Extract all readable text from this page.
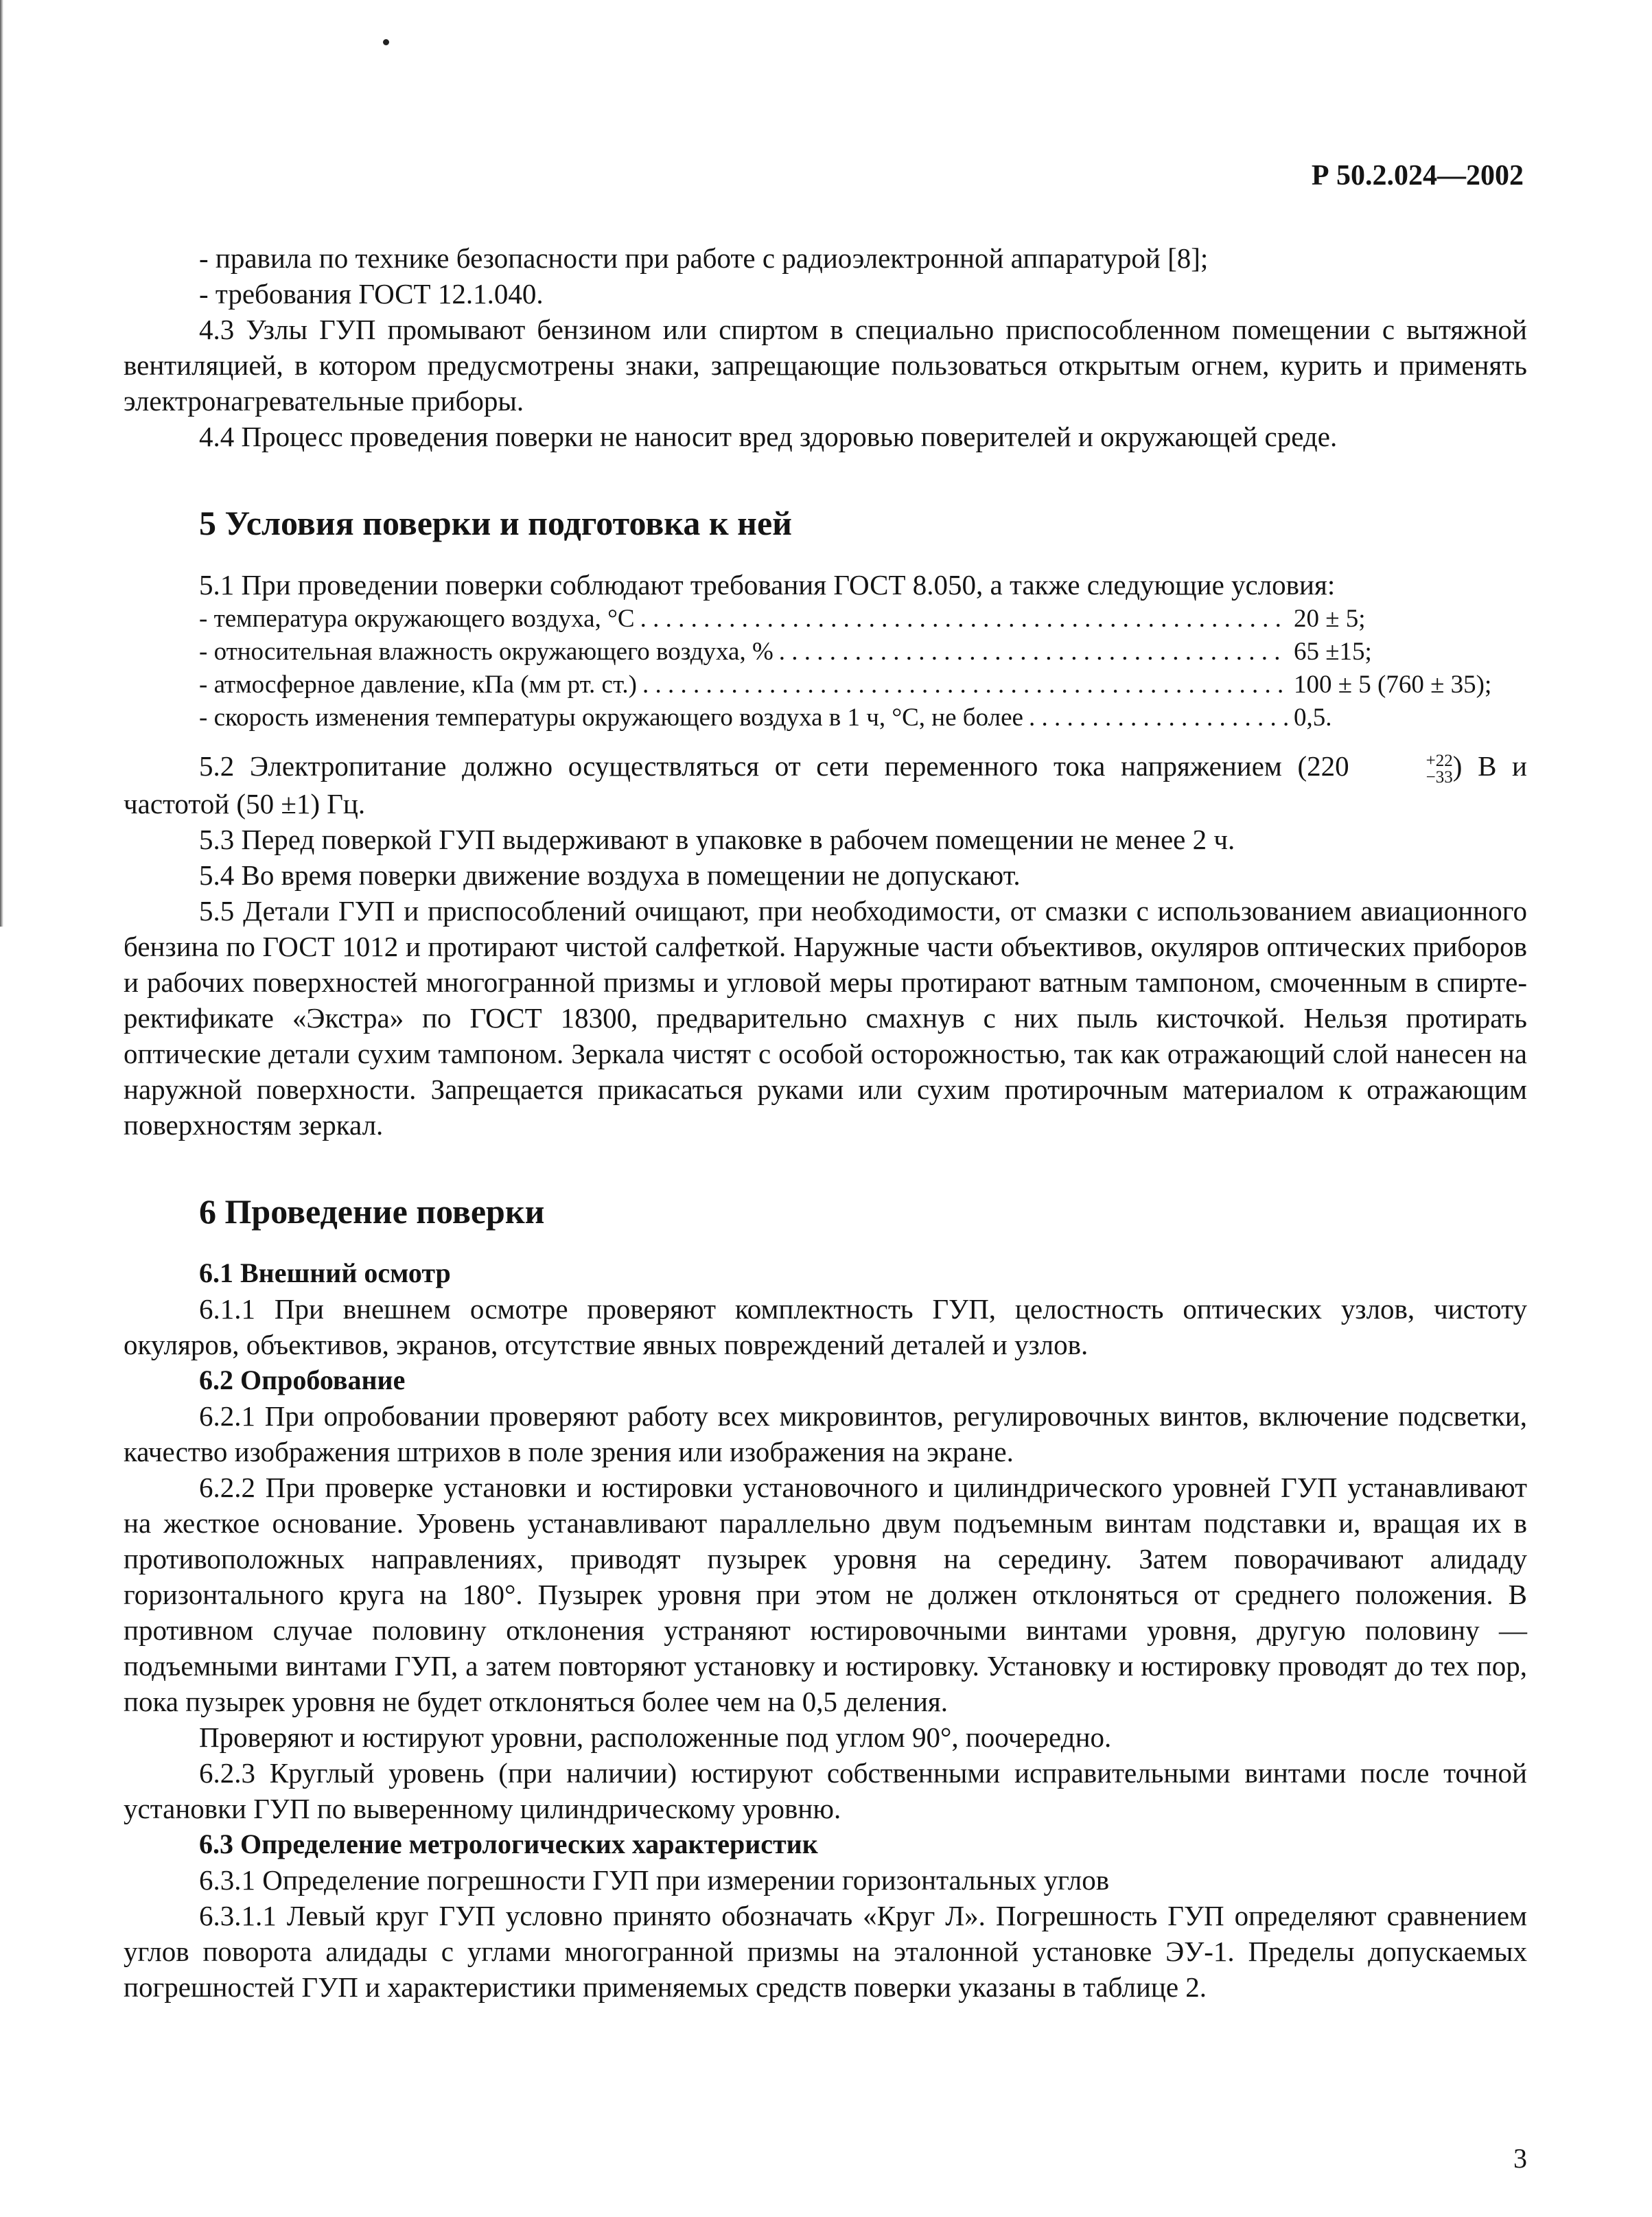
Р 50.2.024—2002

- правила по технике безопасности при работе с радиоэлектронной аппаратурой [8];

- требования ГОСТ 12.1.040.

4.3 Узлы ГУП промывают бензином или спиртом в специально приспособленном помещении с вытяжной вентиляцией, в котором предусмотрены знаки, запрещающие пользоваться открытым огнем, курить и применять электронагревательные приборы.

4.4 Процесс проведения поверки не наносит вред здоровью поверителей и окружающей среде.

5 Условия поверки и подготовка к ней

5.1 При проведении поверки соблюдают требования ГОСТ 8.050, а также следующие условия:

- температура окружающего воздуха, °С . . .	20 ± 5;
- относительная влажность окружающего воздуха, % . . .	65 ±15;
- атмосферное давление, кПа (мм рт. ст.) . . .	100 ± 5 (760 ± 35);
- скорость изменения температуры окружающего воздуха в 1 ч, °С, не более . . .	0,5.

5.2 Электропитание должно осуществляться от сети переменного тока напряжением (220	+22
−33 ) В и частотой (50 ±1) Гц.

5.3 Перед поверкой ГУП выдерживают в упаковке в рабочем помещении не менее 2 ч.

5.4 Во время поверки движение воздуха в помещении не допускают.

5.5 Детали ГУП и приспособлений очищают, при необходимости, от смазки с использованием авиационного бензина по ГОСТ 1012 и протирают чистой салфеткой. Наружные части объективов, окуляров оптических приборов и рабочих поверхностей многогранной призмы и угловой меры протирают ватным тампоном, смоченным в спирте-ректификате «Экстра» по ГОСТ 18300, предварительно смахнув с них пыль кисточкой. Нельзя протирать оптические детали сухим тампоном. Зеркала чистят с особой осторожностью, так как отражающий слой нанесен на наружной поверхности. Запрещается прикасаться руками или сухим протирочным материалом к отражающим поверхностям зеркал.

6 Проведение поверки
6.1 Внешний осмотр

6.1.1 При внешнем осмотре проверяют комплектность ГУП, целостность оптических узлов, чистоту окуляров, объективов, экранов, отсутствие явных повреждений деталей и узлов.

6.2 Опробование

6.2.1 При опробовании проверяют работу всех микровинтов, регулировочных винтов, включение подсветки, качество изображения штрихов в поле зрения или изображения на экране.

6.2.2 При проверке установки и юстировки установочного и цилиндрического уровней ГУП устанавливают на жесткое основание. Уровень устанавливают параллельно двум подъемным винтам подставки и, вращая их в противоположных направлениях, приводят пузырек уровня на середину. Затем поворачивают алидаду горизонтального круга на 180°. Пузырек уровня при этом не должен отклоняться от среднего положения. В противном случае половину отклонения устраняют юстировочными винтами уровня, другую половину — подъемными винтами ГУП, а затем повторяют установку и юстировку. Установку и юстировку проводят до тех пор, пока пузырек уровня не будет отклоняться более чем на 0,5 деления.

Проверяют и юстируют уровни, расположенные под углом 90°, поочередно.

6.2.3 Круглый уровень (при наличии) юстируют собственными исправительными винтами после точной установки ГУП по выверенному цилиндрическому уровню.

6.3 Определение метрологических характеристик

6.3.1 Определение погрешности ГУП при измерении горизонтальных углов

6.3.1.1 Левый круг ГУП условно принято обозначать «Круг Л». Погрешность ГУП определяют сравнением углов поворота алидады с углами многогранной призмы на эталонной установке ЭУ-1. Пределы допускаемых погрешностей ГУП и характеристики применяемых средств поверки указаны в таблице 2.

3
